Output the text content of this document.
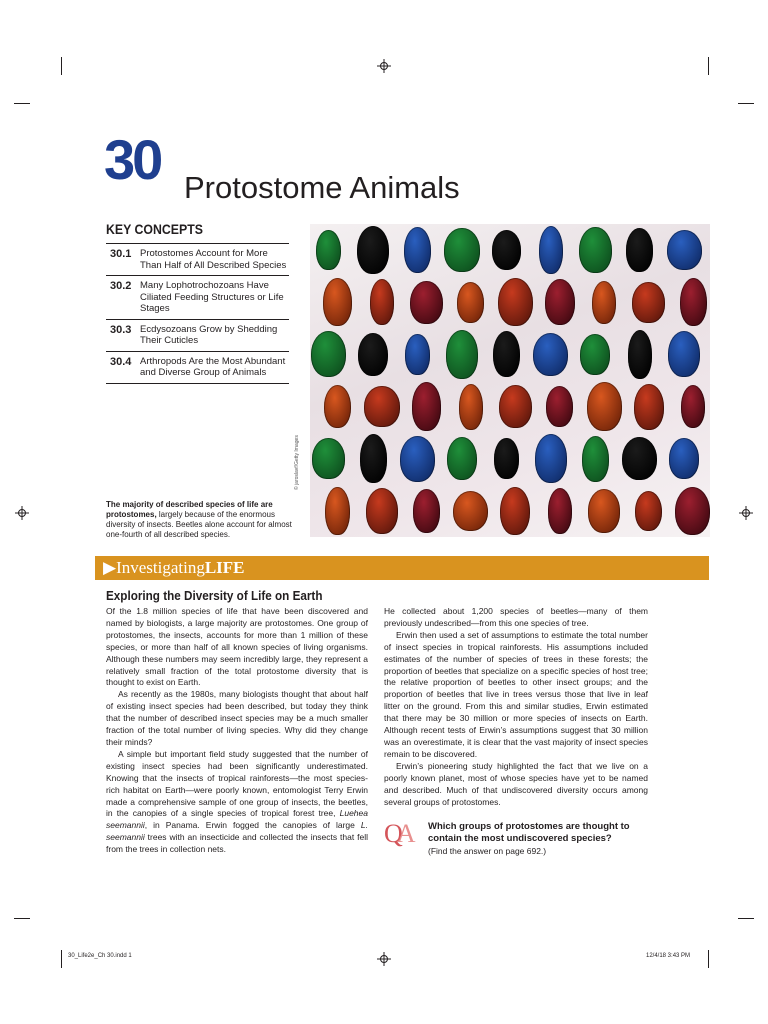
30 Protostome Animals
KEY CONCEPTS
30.1 Protostomes Account for More Than Half of All Described Species
30.2 Many Lophotrochozoans Have Ciliated Feeding Structures or Life Stages
30.3 Ecdysozoans Grow by Shedding Their Cuticles
30.4 Arthropods Are the Most Abundant and Diverse Group of Animals
The majority of described species of life are protostomes, largely because of the enormous diversity of insects. Beetles alone account for almost one-fourth of all described species.
© jaroslavf/Getty Images
▶InvestigatingLIFE
Exploring the Diversity of Life on Earth

Of the 1.8 million species of life that have been discovered and named by biologists, a large majority are protostomes. One group of protostomes, the insects, accounts for more than 1 million of these species, or more than half of all known species of living organisms. Although these numbers may seem incredibly large, they represent a relatively small fraction of the total protostome diversity that is thought to exist on Earth.

As recently as the 1980s, many biologists thought that about half of existing insect species had been described, but today they think that the number of described insect species may be a much smaller fraction of the total number of living species. Why did they change their minds?

A simple but important field study suggested that the number of existing insect species had been significantly underestimated. Knowing that the insects of tropical rainforests—the most species-rich habitat on Earth—were poorly known, entomologist Terry Erwin made a comprehensive sample of one group of insects, the beetles, in the canopies of a single species of tropical forest tree, Luehea seemannii, in Panama. Erwin fogged the canopies of large L. seemannii trees with an insecticide and collected the insects that fell from the trees in collection nets.

He collected about 1,200 species of beetles—many of them previously undescribed—from this one species of tree.

Erwin then used a set of assumptions to estimate the total number of insect species in tropical rainforests. His assumptions included estimates of the number of species of trees in these forests; the proportion of beetles that specialize on a specific species of host tree; the relative proportion of beetles to other insect groups; and the proportion of beetles that live in trees versus those that live in leaf litter on the ground. From this and similar studies, Erwin estimated that there may be 30 million or more species of insects on Earth. Although recent tests of Erwin’s assumptions suggest that 30 million was an overestimate, it is clear that the vast majority of insect species remain to be discovered.

Erwin’s pioneering study highlighted the fact that we live on a poorly known planet, most of whose species have yet to be named and described. Much of that undiscovered diversity occurs among several groups of protostomes.

QA Which groups of protostomes are thought to contain the most undiscovered species?
(Find the answer on page 692.)
30_Life2e_Ch 30.indd 1	12/4/18 3:43 PM
